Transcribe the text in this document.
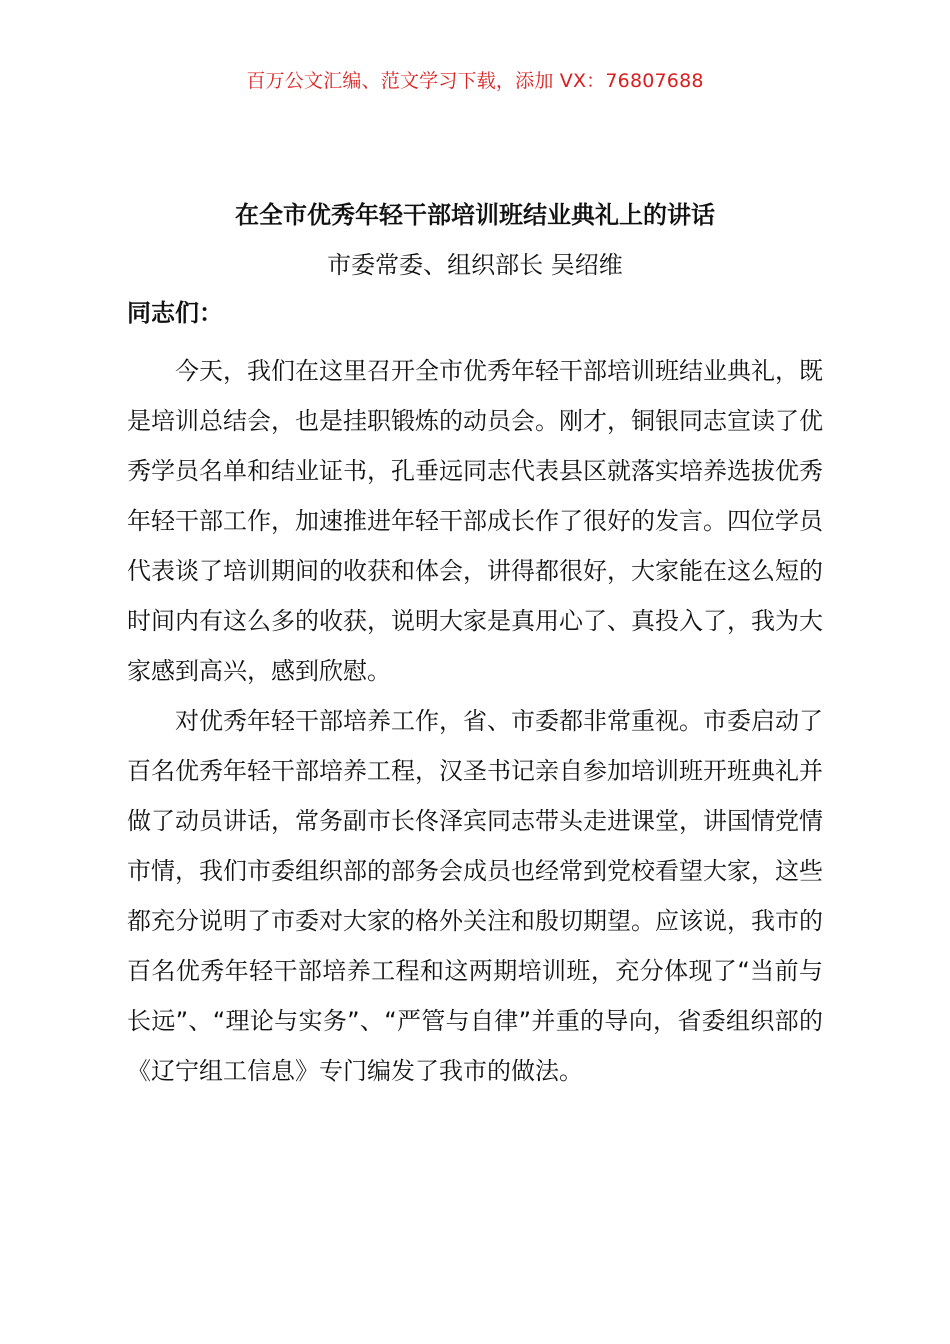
百万公文汇编、范文学习下载，添加 VX：76807688
在全市优秀年轻干部培训班结业典礼上的讲话
市委常委、组织部长 吴绍维
同志们：

今天，我们在这里召开全市优秀年轻干部培训班结业典礼，既是培训总结会，也是挂职锻炼的动员会。刚才，铜银同志宣读了优秀学员名单和结业证书，孔垂远同志代表县区就落实培养选拔优秀年轻干部工作，加速推进年轻干部成长作了很好的发言。四位学员代表谈了培训期间的收获和体会，讲得都很好，大家能在这么短的时间内有这么多的收获，说明大家是真用心了、真投入了，我为大家感到高兴，感到欣慰。

对优秀年轻干部培养工作，省、市委都非常重视。市委启动了百名优秀年轻干部培养工程，汉圣书记亲自参加培训班开班典礼并做了动员讲话，常务副市长佟泽宾同志带头走进课堂，讲国情党情市情，我们市委组织部的部务会成员也经常到党校看望大家，这些都充分说明了市委对大家的格外关注和殷切期望。应该说，我市的百名优秀年轻干部培养工程和这两期培训班，充分体现了“当前与长远”、“理论与实务”、“严管与自律”并重的导向，省委组织部的《辽宁组工信息》专门编发了我市的做法。
